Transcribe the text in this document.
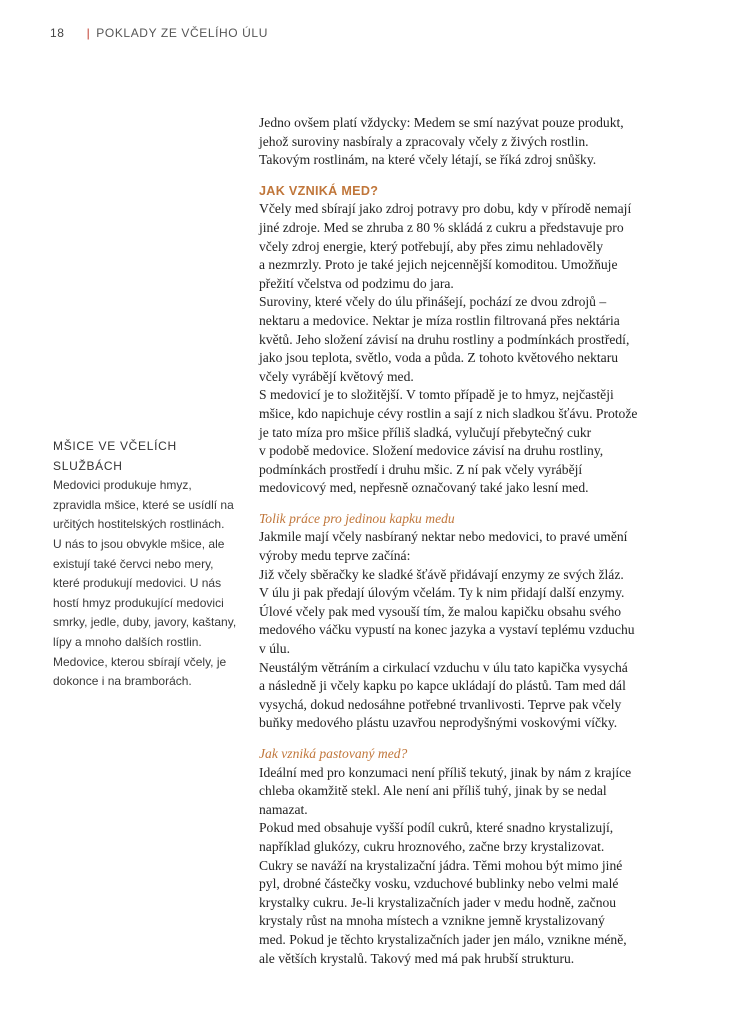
18 | POKLADY ZE VČELÍHO ÚLU
MŠICE VE VČELÍCH SLUŽBÁCH
Medovici produkuje hmyz,
zpravidla mšice, které se usídlí na
určitých hostitelských rostlinách.
U nás to jsou obvykle mšice, ale
existují také červci nebo mery,
které produkují medovici. U nás
hostí hmyz produkující medovici
smrky, jedle, duby, javory, kaštany,
lípy a mnoho dalších rostlin.
Medovice, kterou sbírají včely, je
dokonce i na bramborách.
Jedno ovšem platí vždycky: Medem se smí nazývat pouze produkt,
jehož suroviny nasbíraly a zpracovaly včely z živých rostlin.
Takovým rostlinám, na které včely létají, se říká zdroj snůšky.
JAK VZNIKÁ MED?
Včely med sbírají jako zdroj potravy pro dobu, kdy v přírodě nemají
jiné zdroje. Med se zhruba z 80 % skládá z cukru a představuje pro
včely zdroj energie, který potřebují, aby přes zimu nehladověly
a nezmrzly. Proto je také jejich nejcennější komoditou. Umožňuje
přežití včelstva od podzimu do jara.
Suroviny, které včely do úlu přinášejí, pochází ze dvou zdrojů –
nektaru a medovice. Nektar je míza rostlin filtrovaná přes nektária
květů. Jeho složení závisí na druhu rostliny a podmínkách prostředí,
jako jsou teplota, světlo, voda a půda. Z tohoto květového nektaru
včely vyrábějí květový med.
S medovicí je to složitější. V tomto případě je to hmyz, nejčastěji
mšice, kdo napichuje cévy rostlin a sají z nich sladkou šťávu. Protože
je tato míza pro mšice příliš sladká, vylučují přebytečný cukr
v podobě medovice. Složení medovice závisí na druhu rostliny,
podmínkách prostředí i druhu mšic. Z ní pak včely vyrábějí
medovicový med, nepřesně označovaný také jako lesní med.
Tolik práce pro jedinou kapku medu
Jakmile mají včely nasbíraný nektar nebo medovici, to pravé umění
výroby medu teprve začíná:
Již včely sběračky ke sladké šťávě přidávají enzymy ze svých žláz.
V úlu ji pak předají úlovým včelám. Ty k nim přidají další enzymy.
Úlové včely pak med vysouší tím, že malou kapičku obsahu svého
medového váčku vypustí na konec jazyka a vystaví teplému vzduchu
v úlu.
Neustálým větráním a cirkulací vzduchu v úlu tato kapička vysychá
a následně ji včely kapku po kapce ukládají do plástů. Tam med dál
vysychá, dokud nedosáhne potřebné trvanlivosti. Teprve pak včely
buňky medového plástu uzavřou neprodyšnými voskovými víčky.
Jak vzniká pastovaný med?
Ideální med pro konzumaci není příliš tekutý, jinak by nám z krajíce
chleba okamžitě stekl. Ale není ani příliš tuhý, jinak by se nedal
namazat.
Pokud med obsahuje vyšší podíl cukrů, které snadno krystalizují,
například glukózy, cukru hroznového, začne brzy krystalizovat.
Cukry se naváží na krystalizační jádra. Těmi mohou být mimo jiné
pyl, drobné částečky vosku, vzduchové bublinky nebo velmi malé
krystalky cukru. Je-li krystalizačních jader v medu hodně, začnou
krystaly růst na mnoha místech a vznikne jemně krystalizovaný
med. Pokud je těchto krystalizačních jader jen málo, vznikne méně,
ale větších krystalů. Takový med má pak hrubší strukturu.
